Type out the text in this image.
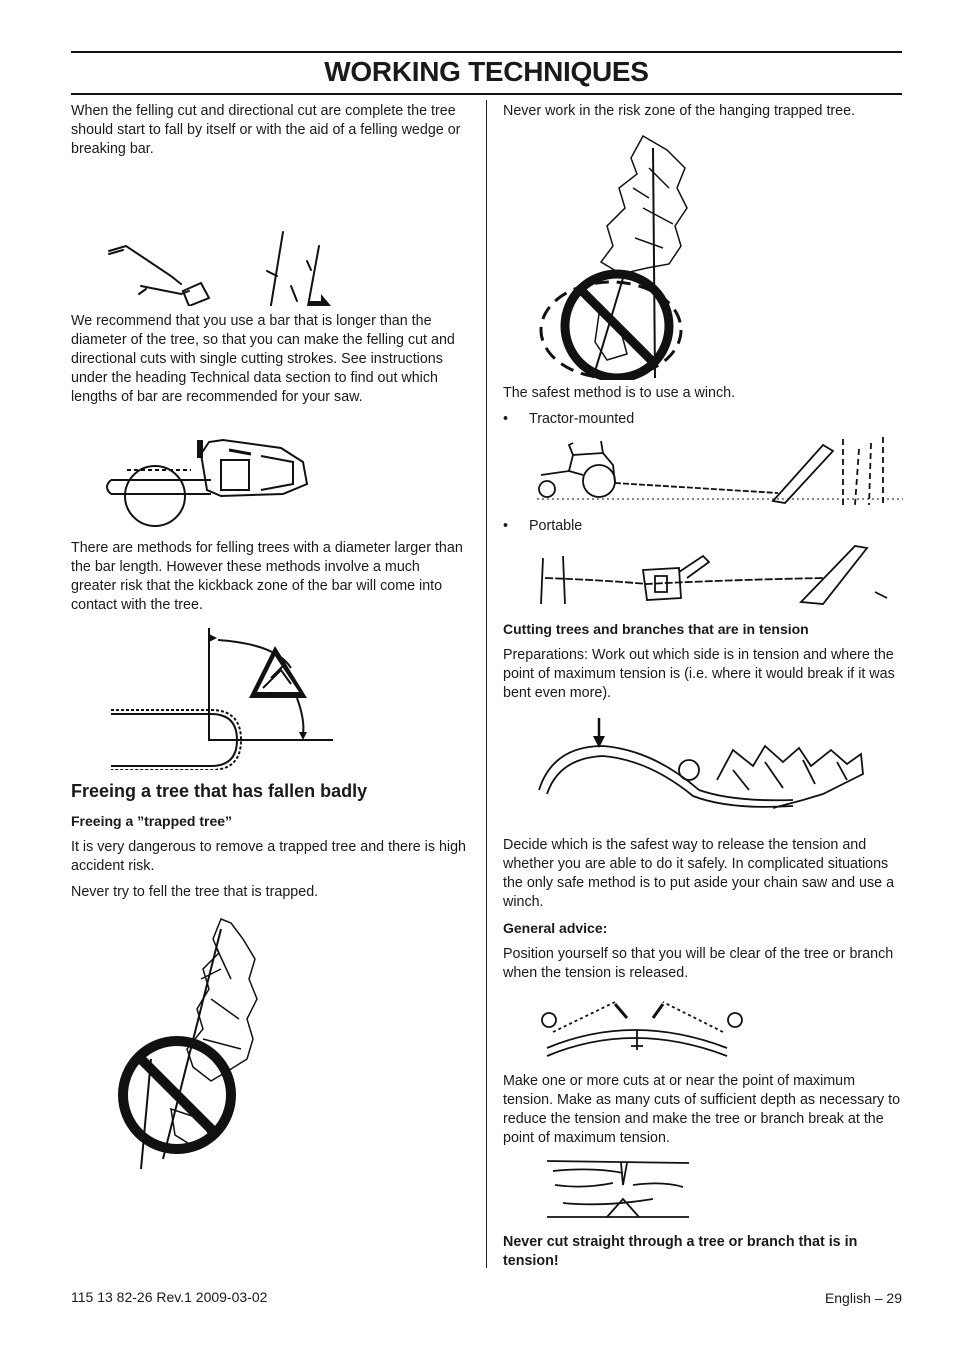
WORKING TECHNIQUES

When the felling cut and directional cut are complete the tree should start to fall by itself or with the aid of a felling wedge or breaking bar.

We recommend that you use a bar that is longer than the diameter of the tree, so that you can make the felling cut and directional cuts with single cutting strokes. See instructions under the heading Technical data section to find out which lengths of bar are recommended for your saw.

There are methods for felling trees with a diameter larger than the bar length. However these methods involve a much greater risk that the kickback zone of the bar will come into contact with the tree.

Freeing a tree that has fallen badly
Freeing a ”trapped tree”

It is very dangerous to remove a trapped tree and there is high accident risk.

Never try to fell the tree that is trapped.

Never work in the risk zone of the hanging trapped tree.

The safest method is to use a winch.

•	Tractor-mounted
•	Portable
Cutting trees and branches that are in tension

Preparations: Work out which side is in tension and where the point of maximum tension is (i.e. where it would break if it was bent even more).

Decide which is the safest way to release the tension and whether you are able to do it safely. In complicated situations the only safe method is to put aside your chain saw and use a winch.

General advice:

Position yourself so that you will be clear of the tree or branch when the tension is released.

Make one or more cuts at or near the point of maximum tension. Make as many cuts of sufficient depth as necessary to reduce the tension and make the tree or branch break at the point of maximum tension.

Never cut straight through a tree or branch that is in tension!

115 13 82-26 Rev.1 2009-03-02	English – 29
